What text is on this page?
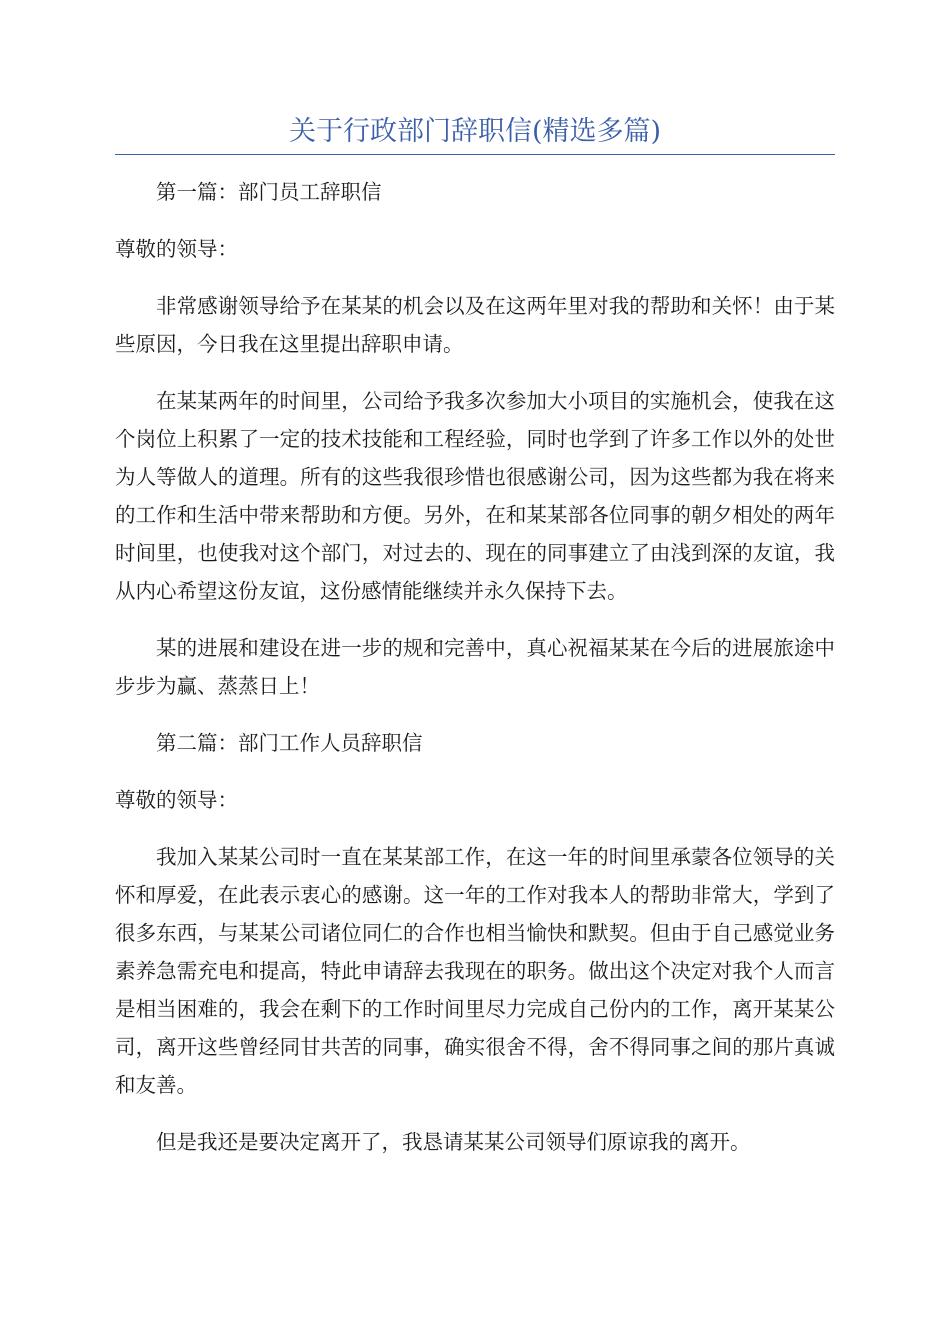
关于行政部门辞职信(精选多篇)

第一篇：部门员工辞职信

尊敬的领导：

非常感谢领导给予在某某的机会以及在这两年里对我的帮助和关怀！由于某些原因，今日我在这里提出辞职申请。

在某某两年的时间里，公司给予我多次参加大小项目的实施机会，使我在这个岗位上积累了一定的技术技能和工程经验，同时也学到了许多工作以外的处世为人等做人的道理。所有的这些我很珍惜也很感谢公司，因为这些都为我在将来的工作和生活中带来帮助和方便。另外，在和某某部各位同事的朝夕相处的两年时间里，也使我对这个部门，对过去的、现在的同事建立了由浅到深的友谊，我从内心希望这份友谊，这份感情能继续并永久保持下去。

某的进展和建设在进一步的规和完善中，真心祝福某某在今后的进展旅途中步步为赢、蒸蒸日上！

第二篇：部门工作人员辞职信

尊敬的领导：

我加入某某公司时一直在某某部工作，在这一年的时间里承蒙各位领导的关怀和厚爱，在此表示衷心的感谢。这一年的工作对我本人的帮助非常大，学到了很多东西，与某某公司诸位同仁的合作也相当愉快和默契。但由于自己感觉业务素养急需充电和提高，特此申请辞去我现在的职务。做出这个决定对我个人而言是相当困难的，我会在剩下的工作时间里尽力完成自己份内的工作，离开某某公司，离开这些曾经同甘共苦的同事，确实很舍不得，舍不得同事之间的那片真诚和友善。

但是我还是要决定离开了，我恳请某某公司领导们原谅我的离开。
